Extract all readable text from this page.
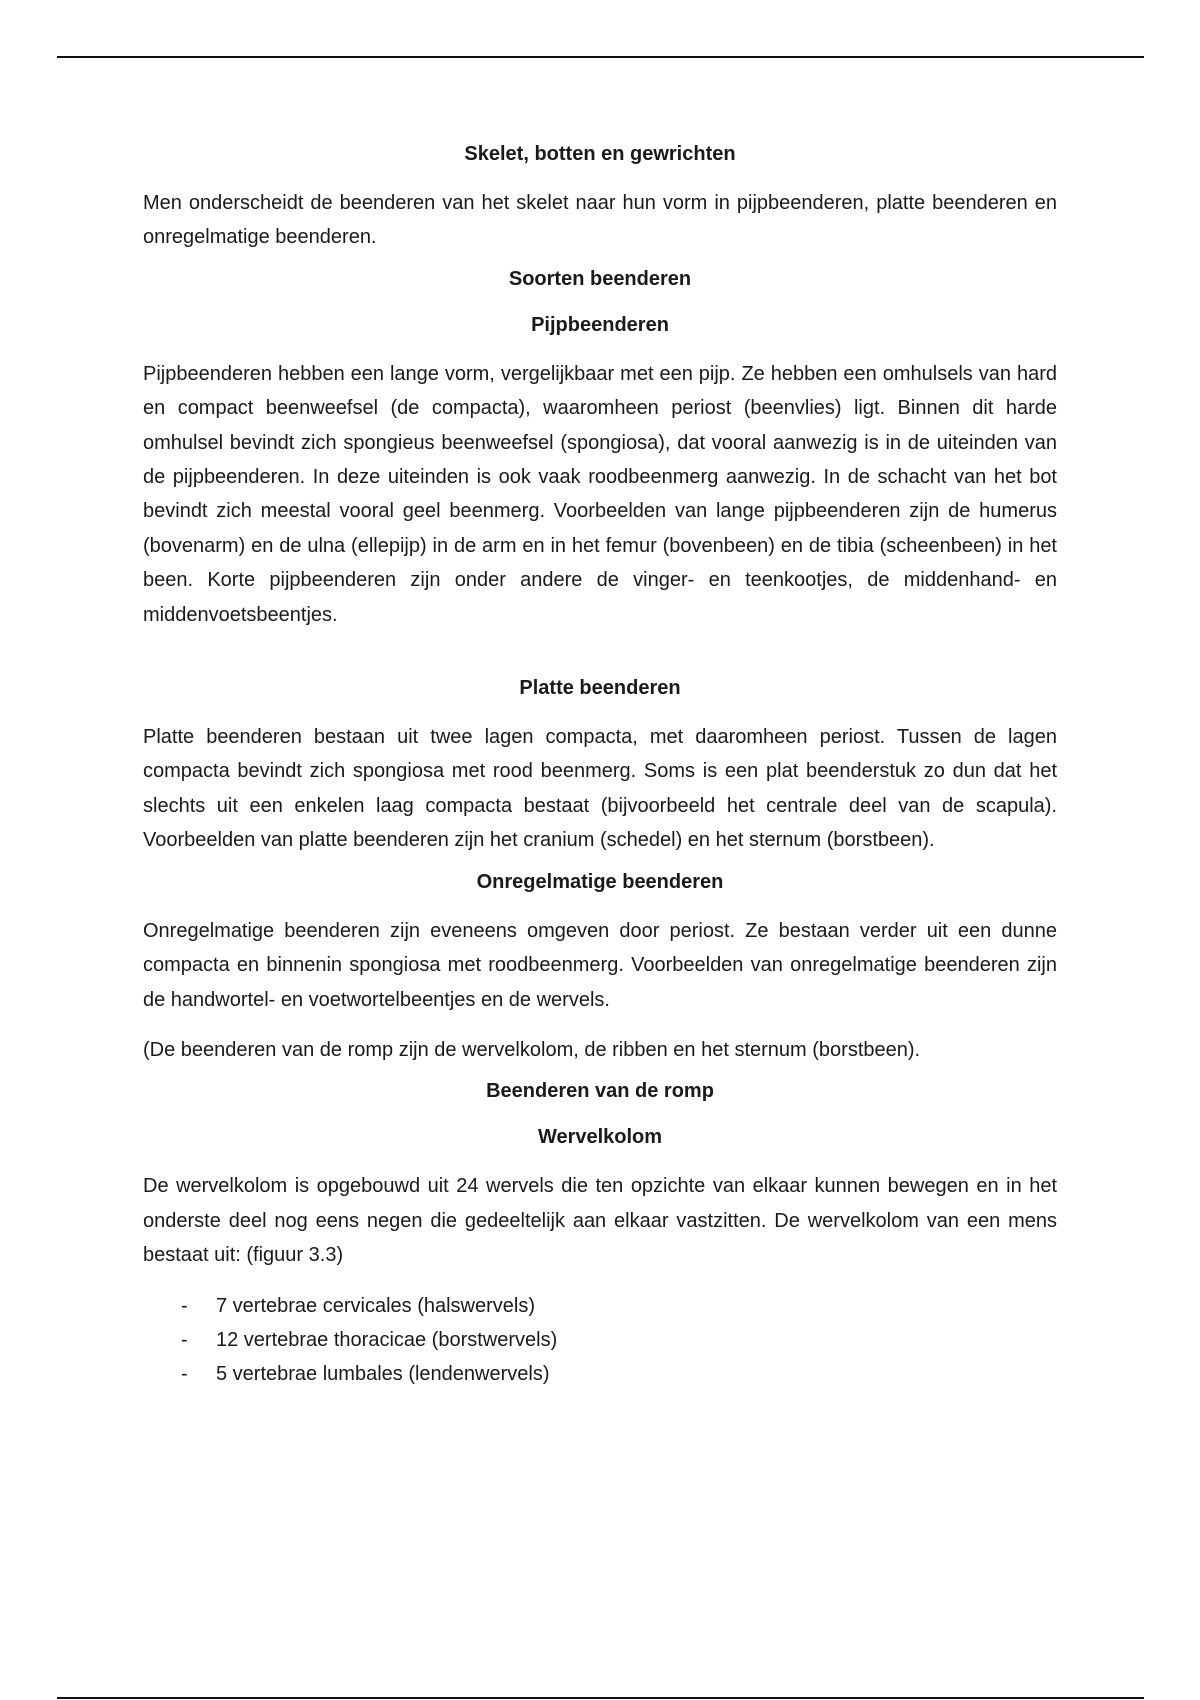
Skelet, botten en gewrichten

Men onderscheidt de beenderen van het skelet naar hun vorm in pijpbeenderen, platte beenderen en onregelmatige beenderen.

Soorten beenderen
Pijpbeenderen

Pijpbeenderen hebben een lange vorm, vergelijkbaar met een pijp. Ze hebben een omhulsels van hard en compact beenweefsel (de compacta), waaromheen periost (beenvlies) ligt. Binnen dit harde omhulsel bevindt zich spongieus beenweefsel (spongiosa), dat vooral aanwezig is in de uiteinden van de pijpbeenderen. In deze uiteinden is ook vaak roodbeenmerg aanwezig. In de schacht van het bot bevindt zich meestal vooral geel beenmerg. Voorbeelden van lange pijpbeenderen zijn de humerus (bovenarm) en de ulna (ellepijp) in de arm en in het femur (bovenbeen) en de tibia (scheenbeen) in het been. Korte pijpbeenderen zijn onder andere de vinger- en teenkootjes, de middenhand- en middenvoetsbeentjes.

Platte beenderen

Platte beenderen bestaan uit twee lagen compacta, met daaromheen periost. Tussen de lagen compacta bevindt zich spongiosa met rood beenmerg. Soms is een plat beenderstuk zo dun dat het slechts uit een enkelen laag compacta bestaat (bijvoorbeeld het centrale deel van de scapula). Voorbeelden van platte beenderen zijn het cranium (schedel) en het sternum (borstbeen).

Onregelmatige beenderen

Onregelmatige beenderen zijn eveneens omgeven door periost. Ze bestaan verder uit een dunne compacta en binnenin spongiosa met roodbeenmerg. Voorbeelden van onregelmatige beenderen zijn de handwortel- en voetwortelbeentjes en de wervels.

(De beenderen van de romp zijn de wervelkolom, de ribben en het sternum (borstbeen).

Beenderen van de romp
Wervelkolom

De wervelkolom is opgebouwd uit 24 wervels die ten opzichte van elkaar kunnen bewegen en in het onderste deel nog eens negen die gedeeltelijk aan elkaar vastzitten. De wervelkolom van een mens bestaat uit: (figuur 3.3)

- 7 vertebrae cervicales (halswervels)
- 12 vertebrae thoracicae (borstwervels)
- 5 vertebrae lumbales (lendenwervels)
